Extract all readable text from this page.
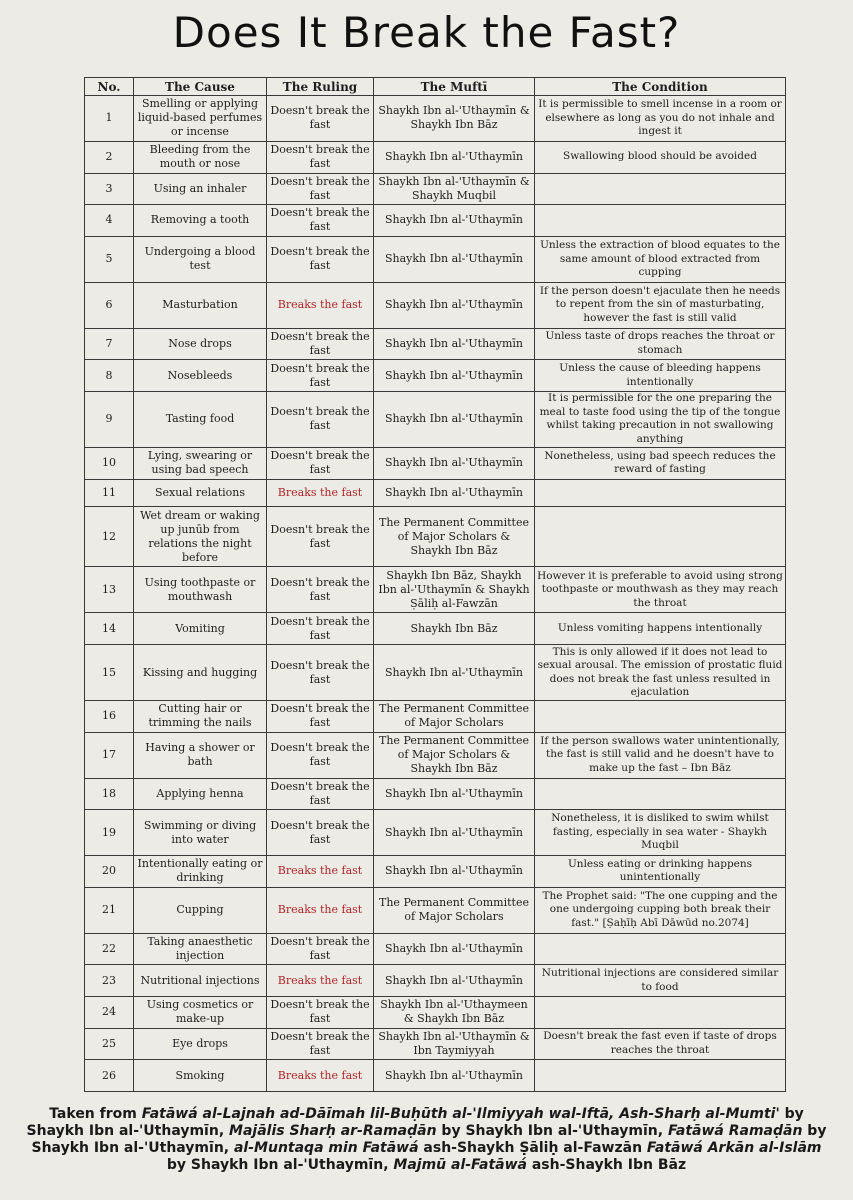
Does It Break the Fast?
No.	The Cause	The Ruling	The Muftī	The Condition
1	Smelling or applying liquid-based perfumes or incense	Doesn't break the fast	Shaykh Ibn al-'Uthaymīn & Shaykh Ibn Bāz	It is permissible to smell incense in a room or elsewhere as long as you do not inhale and ingest it
2	Bleeding from the mouth or nose	Doesn't break the fast	Shaykh Ibn al-'Uthaymīn	Swallowing blood should be avoided
3	Using an inhaler	Doesn't break the fast	Shaykh Ibn al-'Uthaymīn & Shaykh Muqbil	
4	Removing a tooth	Doesn't break the fast	Shaykh Ibn al-'Uthaymīn	
5	Undergoing a blood test	Doesn't break the fast	Shaykh Ibn al-'Uthaymīn	Unless the extraction of blood equates to the same amount of blood extracted from cupping
6	Masturbation	Breaks the fast	Shaykh Ibn al-'Uthaymīn	If the person doesn't ejaculate then he needs to repent from the sin of masturbating, however the fast is still valid
7	Nose drops	Doesn't break the fast	Shaykh Ibn al-'Uthaymīn	Unless taste of drops reaches the throat or stomach
8	Nosebleeds	Doesn't break the fast	Shaykh Ibn al-'Uthaymīn	Unless the cause of bleeding happens intentionally
9	Tasting food	Doesn't break the fast	Shaykh Ibn al-'Uthaymīn	It is permissible for the one preparing the meal to taste food using the tip of the tongue whilst taking precaution in not swallowing anything
10	Lying, swearing or using bad speech	Doesn't break the fast	Shaykh Ibn al-'Uthaymīn	Nonetheless, using bad speech reduces the reward of fasting
11	Sexual relations	Breaks the fast	Shaykh Ibn al-'Uthaymīn	
12	Wet dream or waking up junūb from relations the night before	Doesn't break the fast	The Permanent Committee of Major Scholars & Shaykh Ibn Bāz	
13	Using toothpaste or mouthwash	Doesn't break the fast	Shaykh Ibn Bāz, Shaykh Ibn al-'Uthaymīn & Shaykh Ṣāliḥ al-Fawzān	However it is preferable to avoid using strong toothpaste or mouthwash as they may reach the throat
14	Vomiting	Doesn't break the fast	Shaykh Ibn Bāz	Unless vomiting happens intentionally
15	Kissing and hugging	Doesn't break the fast	Shaykh Ibn al-'Uthaymīn	This is only allowed if it does not lead to sexual arousal. The emission of prostatic fluid does not break the fast unless resulted in ejaculation
16	Cutting hair or trimming the nails	Doesn't break the fast	The Permanent Committee of Major Scholars	
17	Having a shower or bath	Doesn't break the fast	The Permanent Committee of Major Scholars & Shaykh Ibn Bāz	If the person swallows water unintentionally, the fast is still valid and he doesn't have to make up the fast – Ibn Bāz
18	Applying henna	Doesn't break the fast	Shaykh Ibn al-'Uthaymīn	
19	Swimming or diving into water	Doesn't break the fast	Shaykh Ibn al-'Uthaymīn	Nonetheless, it is disliked to swim whilst fasting, especially in sea water - Shaykh Muqbil
20	Intentionally eating or drinking	Breaks the fast	Shaykh Ibn al-'Uthaymīn	Unless eating or drinking happens unintentionally
21	Cupping	Breaks the fast	The Permanent Committee of Major Scholars	The Prophet said: "The one cupping and the one undergoing cupping both break their fast." [Ṣaḥīḥ Abī Dāwūd no.2074]
22	Taking anaesthetic injection	Doesn't break the fast	Shaykh Ibn al-'Uthaymīn	
23	Nutritional injections	Breaks the fast	Shaykh Ibn al-'Uthaymīn	Nutritional injections are considered similar to food
24	Using cosmetics or make-up	Doesn't break the fast	Shaykh Ibn al-'Uthaymeen & Shaykh Ibn Bāz	
25	Eye drops	Doesn't break the fast	Shaykh Ibn al-'Uthaymīn & Ibn Taymiyyah	Doesn't break the fast even if taste of drops reaches the throat
26	Smoking	Breaks the fast	Shaykh Ibn al-'Uthaymīn	
Taken from Fatāwá al-Lajnah ad-Dāīmah lil-Buḥūth al-'Ilmiyyah wal-Iftā, Ash-Sharḥ al-Mumti' by Shaykh Ibn al-'Uthaymīn, Majālis Sharḥ ar-Ramaḍān by Shaykh Ibn al-'Uthaymīn, Fatāwá Ramaḍān by Shaykh Ibn al-'Uthaymīn, al-Muntaqa min Fatāwá ash-Shaykh Ṣāliḥ al-Fawzān Fatāwá Arkān al-Islām by Shaykh Ibn al-'Uthaymīn, Majmū al-Fatāwá ash-Shaykh Ibn Bāz
